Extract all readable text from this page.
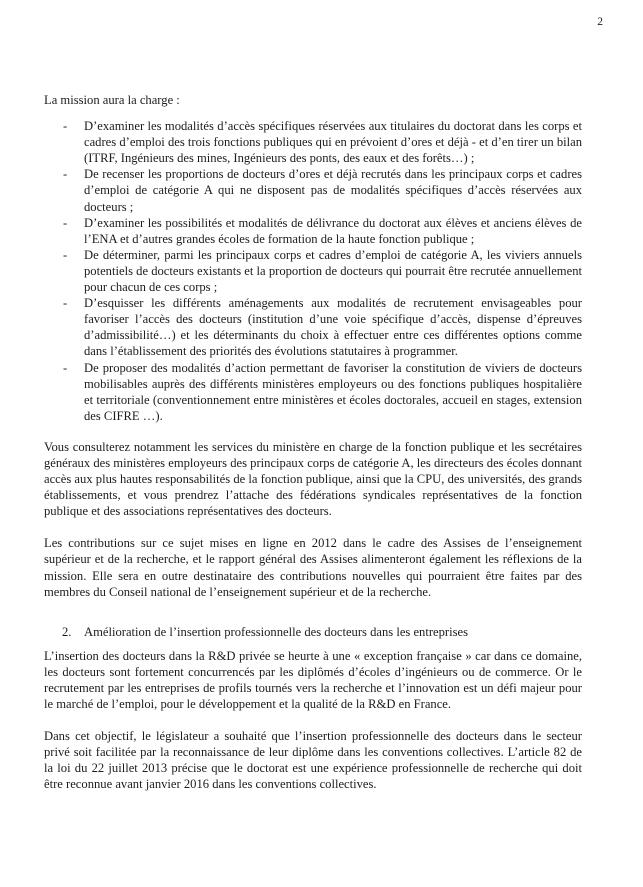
2

La mission aura la charge :

- D’examiner les modalités d’accès spécifiques réservées aux titulaires du doctorat dans les corps et cadres d’emploi des trois fonctions publiques qui en prévoient d’ores et déjà - et d’en tirer un bilan (ITRF, Ingénieurs des mines, Ingénieurs des ponts, des eaux et des forêts…) ;
- De recenser les proportions de docteurs d’ores et déjà recrutés dans les principaux corps et cadres d’emploi de catégorie A qui ne disposent pas de modalités spécifiques d’accès réservées aux docteurs ;
- D’examiner les possibilités et modalités de délivrance du doctorat aux élèves et anciens élèves de l’ENA et d’autres grandes écoles de formation de la haute fonction publique ;
- De déterminer, parmi les principaux corps et cadres d’emploi de catégorie A, les viviers annuels potentiels de docteurs existants et la proportion de docteurs qui pourrait être recrutée annuellement pour chacun de ces corps ;
- D’esquisser les différents aménagements aux modalités de recrutement envisageables pour favoriser l’accès des docteurs (institution d’une voie spécifique d’accès, dispense d’épreuves d’admissibilité…) et les déterminants du choix à effectuer entre ces différentes options comme dans l’établissement des priorités des évolutions statutaires à programmer.
- De proposer des modalités d’action permettant de favoriser la constitution de viviers de docteurs mobilisables auprès des différents ministères employeurs ou des fonctions publiques hospitalière et territoriale (conventionnement entre ministères et écoles doctorales, accueil en stages, extension des CIFRE …).

Vous consulterez notamment les services du ministère en charge de la fonction publique et les secrétaires généraux des ministères employeurs des principaux corps de catégorie A, les directeurs des écoles donnant accès aux plus hautes responsabilités de la fonction publique, ainsi que la CPU, des universités, des grands établissements, et vous prendrez l’attache des fédérations syndicales représentatives de la fonction publique et des associations représentatives des docteurs.

Les contributions sur ce sujet mises en ligne en 2012 dans le cadre des Assises de l’enseignement supérieur et de la recherche, et le rapport général des Assises alimenteront également les réflexions de la mission. Elle sera en outre destinataire des contributions nouvelles qui pourraient être faites par des membres du Conseil national de l’enseignement supérieur et de la recherche.

2. Amélioration de l’insertion professionnelle des docteurs dans les entreprises

L’insertion des docteurs dans la R&D privée se heurte à une « exception française » car dans ce domaine, les docteurs sont fortement concurrencés par les diplômés d’écoles d’ingénieurs ou de commerce. Or le recrutement par les entreprises de profils tournés vers la recherche et l’innovation est un défi majeur pour le marché de l’emploi, pour le développement et la qualité de la R&D en France.

Dans cet objectif, le législateur a souhaité que l’insertion professionnelle des docteurs dans le secteur privé soit facilitée par la reconnaissance de leur diplôme dans les conventions collectives. L’article 82 de la loi du 22 juillet 2013 précise que le doctorat est une expérience professionnelle de recherche qui doit être reconnue avant janvier 2016 dans les conventions collectives.
